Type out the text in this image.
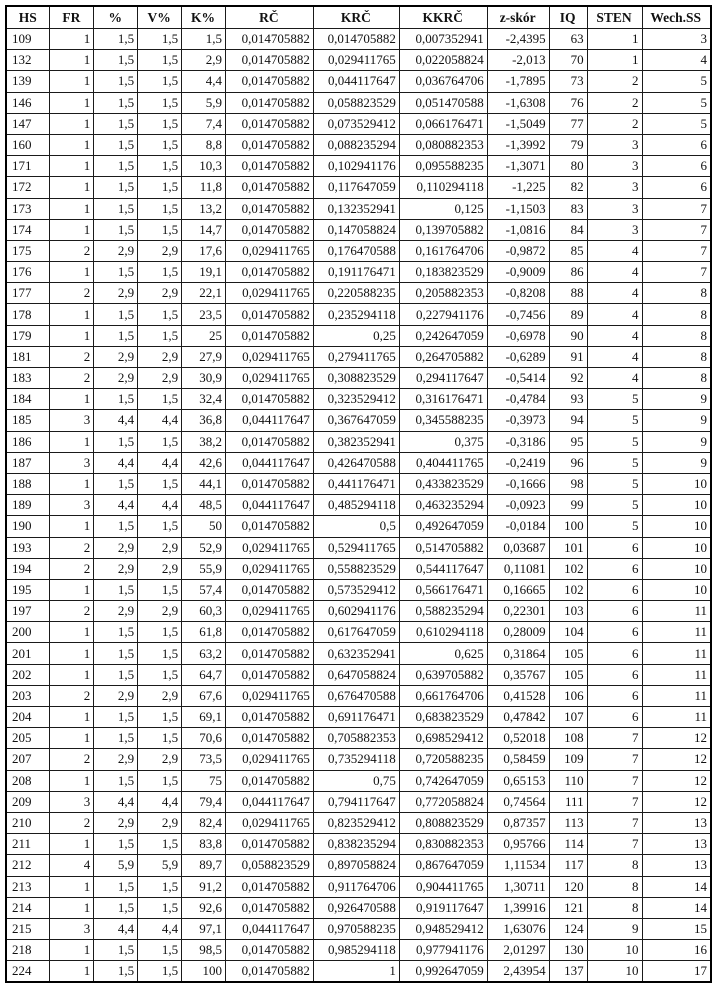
HS	FR	%	V%	K%	RČ	KRČ	KKRČ	z-skór	IQ	STEN	Wech.SS
109	1	1,5	1,5	1,5	0,014705882	0,014705882	0,007352941	-2,4395	63	1	3
132	1	1,5	1,5	2,9	0,014705882	0,029411765	0,022058824	-2,013	70	1	4
139	1	1,5	1,5	4,4	0,014705882	0,044117647	0,036764706	-1,7895	73	2	5
146	1	1,5	1,5	5,9	0,014705882	0,058823529	0,051470588	-1,6308	76	2	5
147	1	1,5	1,5	7,4	0,014705882	0,073529412	0,066176471	-1,5049	77	2	5
160	1	1,5	1,5	8,8	0,014705882	0,088235294	0,080882353	-1,3992	79	3	6
171	1	1,5	1,5	10,3	0,014705882	0,102941176	0,095588235	-1,3071	80	3	6
172	1	1,5	1,5	11,8	0,014705882	0,117647059	0,110294118	-1,225	82	3	6
173	1	1,5	1,5	13,2	0,014705882	0,132352941	0,125	-1,1503	83	3	7
174	1	1,5	1,5	14,7	0,014705882	0,147058824	0,139705882	-1,0816	84	3	7
175	2	2,9	2,9	17,6	0,029411765	0,176470588	0,161764706	-0,9872	85	4	7
176	1	1,5	1,5	19,1	0,014705882	0,191176471	0,183823529	-0,9009	86	4	7
177	2	2,9	2,9	22,1	0,029411765	0,220588235	0,205882353	-0,8208	88	4	8
178	1	1,5	1,5	23,5	0,014705882	0,235294118	0,227941176	-0,7456	89	4	8
179	1	1,5	1,5	25	0,014705882	0,25	0,242647059	-0,6978	90	4	8
181	2	2,9	2,9	27,9	0,029411765	0,279411765	0,264705882	-0,6289	91	4	8
183	2	2,9	2,9	30,9	0,029411765	0,308823529	0,294117647	-0,5414	92	4	8
184	1	1,5	1,5	32,4	0,014705882	0,323529412	0,316176471	-0,4784	93	5	9
185	3	4,4	4,4	36,8	0,044117647	0,367647059	0,345588235	-0,3973	94	5	9
186	1	1,5	1,5	38,2	0,014705882	0,382352941	0,375	-0,3186	95	5	9
187	3	4,4	4,4	42,6	0,044117647	0,426470588	0,404411765	-0,2419	96	5	9
188	1	1,5	1,5	44,1	0,014705882	0,441176471	0,433823529	-0,1666	98	5	10
189	3	4,4	4,4	48,5	0,044117647	0,485294118	0,463235294	-0,0923	99	5	10
190	1	1,5	1,5	50	0,014705882	0,5	0,492647059	-0,0184	100	5	10
193	2	2,9	2,9	52,9	0,029411765	0,529411765	0,514705882	0,03687	101	6	10
194	2	2,9	2,9	55,9	0,029411765	0,558823529	0,544117647	0,11081	102	6	10
195	1	1,5	1,5	57,4	0,014705882	0,573529412	0,566176471	0,16665	102	6	10
197	2	2,9	2,9	60,3	0,029411765	0,602941176	0,588235294	0,22301	103	6	11
200	1	1,5	1,5	61,8	0,014705882	0,617647059	0,610294118	0,28009	104	6	11
201	1	1,5	1,5	63,2	0,014705882	0,632352941	0,625	0,31864	105	6	11
202	1	1,5	1,5	64,7	0,014705882	0,647058824	0,639705882	0,35767	105	6	11
203	2	2,9	2,9	67,6	0,029411765	0,676470588	0,661764706	0,41528	106	6	11
204	1	1,5	1,5	69,1	0,014705882	0,691176471	0,683823529	0,47842	107	6	11
205	1	1,5	1,5	70,6	0,014705882	0,705882353	0,698529412	0,52018	108	7	12
207	2	2,9	2,9	73,5	0,029411765	0,735294118	0,720588235	0,58459	109	7	12
208	1	1,5	1,5	75	0,014705882	0,75	0,742647059	0,65153	110	7	12
209	3	4,4	4,4	79,4	0,044117647	0,794117647	0,772058824	0,74564	111	7	12
210	2	2,9	2,9	82,4	0,029411765	0,823529412	0,808823529	0,87357	113	7	13
211	1	1,5	1,5	83,8	0,014705882	0,838235294	0,830882353	0,95766	114	7	13
212	4	5,9	5,9	89,7	0,058823529	0,897058824	0,867647059	1,11534	117	8	13
213	1	1,5	1,5	91,2	0,014705882	0,911764706	0,904411765	1,30711	120	8	14
214	1	1,5	1,5	92,6	0,014705882	0,926470588	0,919117647	1,39916	121	8	14
215	3	4,4	4,4	97,1	0,044117647	0,970588235	0,948529412	1,63076	124	9	15
218	1	1,5	1,5	98,5	0,014705882	0,985294118	0,977941176	2,01297	130	10	16
224	1	1,5	1,5	100	0,014705882	1	0,992647059	2,43954	137	10	17
